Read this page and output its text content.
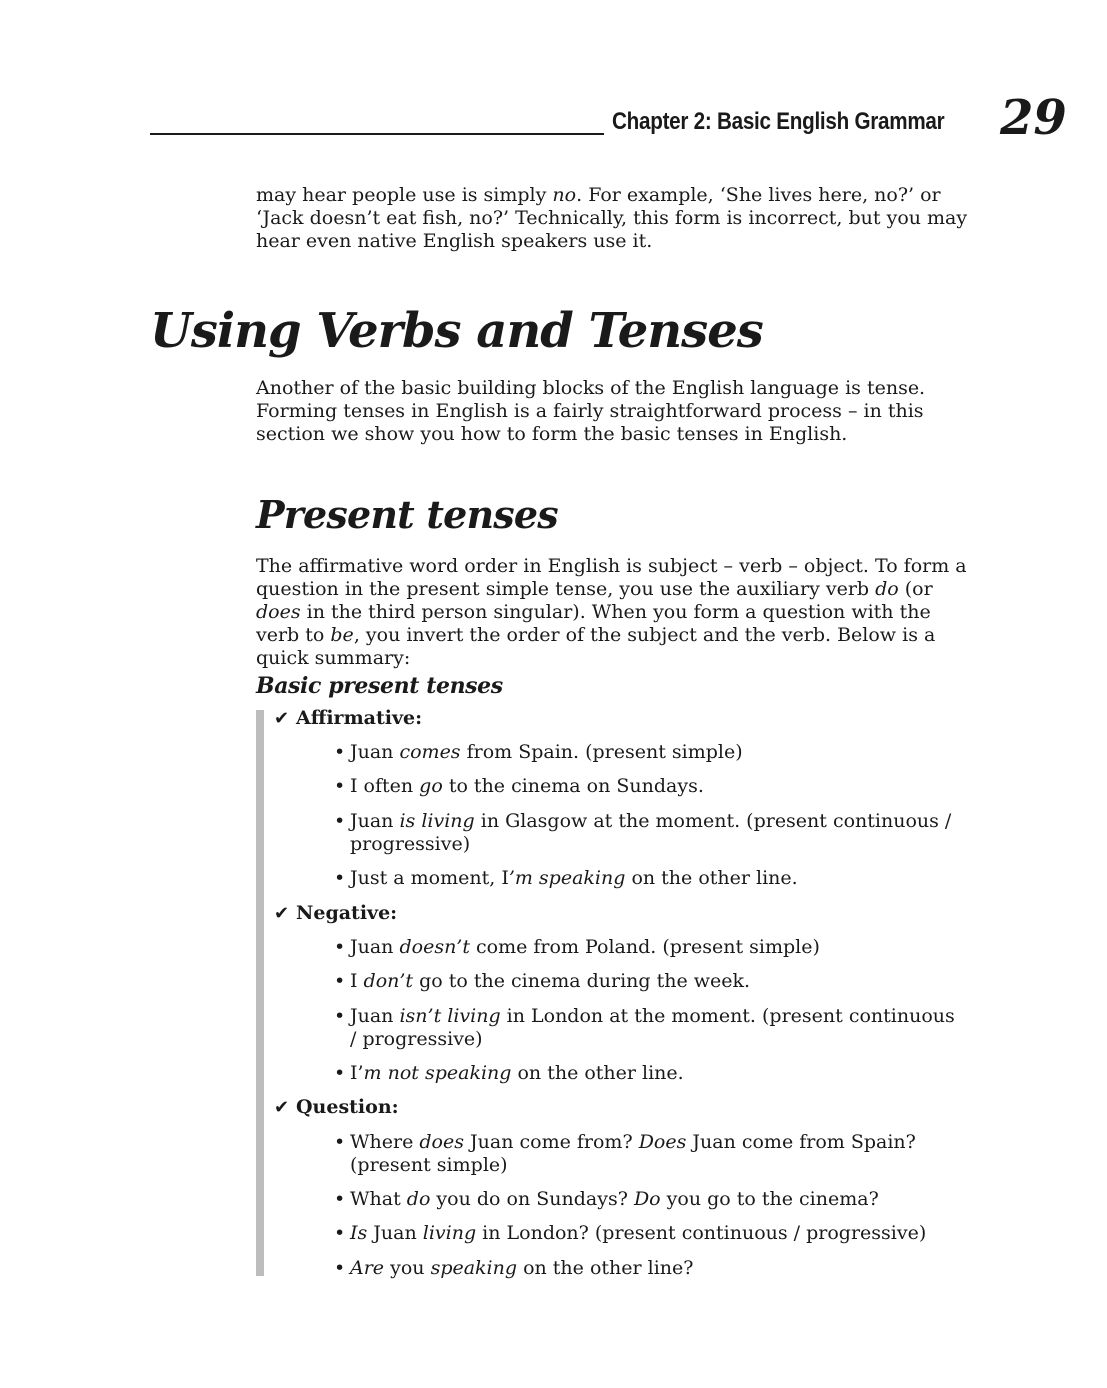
Chapter 2: Basic English Grammar 29

may hear people use is simply no. For example, ‘She lives here, no?’ or ‘Jack doesn’t eat fish, no?’ Technically, this form is incorrect, but you may hear even native English speakers use it.

Using Verbs and Tenses

Another of the basic building blocks of the English language is tense. Forming tenses in English is a fairly straightforward process – in this section we show you how to form the basic tenses in English.

Present tenses

The affirmative word order in English is subject – verb – object. To form a question in the present simple tense, you use the auxiliary verb do (or does in the third person singular). When you form a question with the verb to be, you invert the order of the subject and the verb. Below is a quick summary:

Basic present tenses
✔ Affirmative:
• Juan comes from Spain. (present simple)
• I often go to the cinema on Sundays.
• Juan is living in Glasgow at the moment. (present continuous / progressive)
• Just a moment, I’m speaking on the other line.
✔ Negative:
• Juan doesn’t come from Poland. (present simple)
• I don’t go to the cinema during the week.
• Juan isn’t living in London at the moment. (present continuous / progressive)
• I’m not speaking on the other line.
✔ Question:
• Where does Juan come from? Does Juan come from Spain? (present simple)
• What do you do on Sundays? Do you go to the cinema?
• Is Juan living in London? (present continuous / progressive)
• Are you speaking on the other line?
